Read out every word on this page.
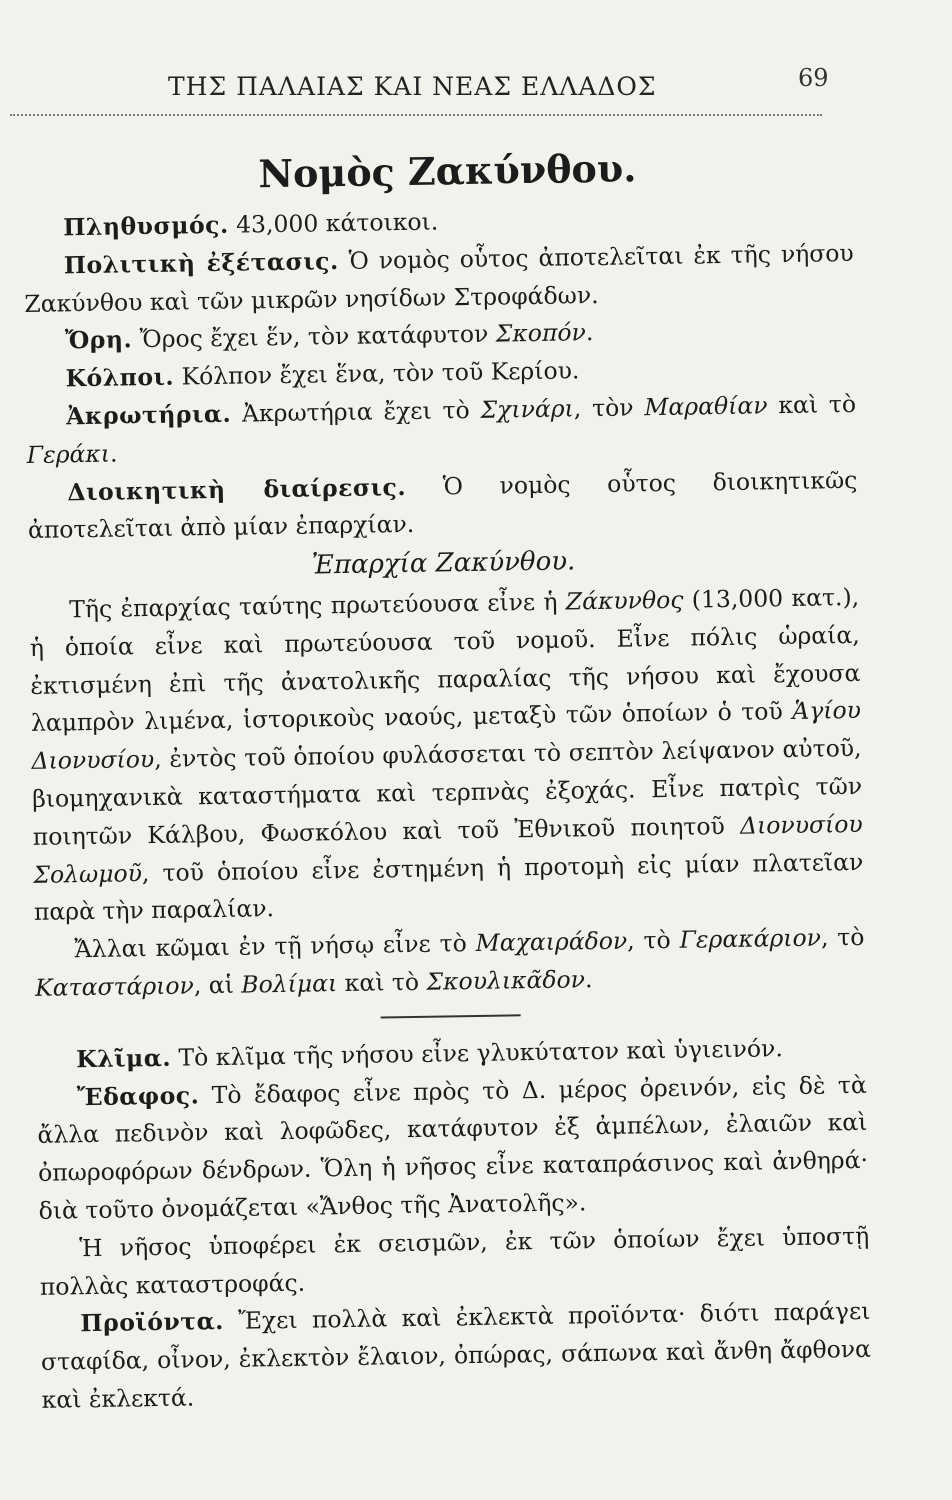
ΤΗΣ ΠΑΛΑΙΑΣ ΚΑΙ ΝΕΑΣ ΕΛΛΑΔΟΣ	69
Νομὸς Ζακύνθου.

Πληθυσμός. 43,000 κάτοικοι.

Πολιτικὴ ἐξέτασις. Ὁ νομὸς οὗτος ἀποτελεῖται ἐκ τῆς νήσου Ζακύνθου καὶ τῶν μικρῶν νησίδων Στροφάδων.

Ὄρη. Ὄρος ἔχει ἕν, τὸν κατάφυτον Σκοπόν.

Κόλποι. Κόλπον ἔχει ἕνα, τὸν τοῦ Κερίου.

Ἀκρωτήρια. Ἀκρωτήρια ἔχει τὸ Σχινάρι, τὸν Μαραθίαν καὶ τὸ Γεράκι.

Διοικητικὴ διαίρεσις. Ὁ νομὸς οὗτος διοικητικῶς ἀποτελεῖται ἀπὸ μίαν ἐπαρχίαν.

Ἐπαρχία Ζακύνθου.

Τῆς ἐπαρχίας ταύτης πρωτεύουσα εἶνε ἡ Ζάκυνθος (13,000 κατ.), ἡ ὁποία εἶνε καὶ πρωτεύουσα τοῦ νομοῦ. Εἶνε πόλις ὡραία, ἐκτισμένη ἐπὶ τῆς ἀνατολικῆς παραλίας τῆς νήσου καὶ ἔχουσα λαμπρὸν λιμένα, ἱστορικοὺς ναούς, μεταξὺ τῶν ὁποίων ὁ τοῦ Ἁγίου Διονυσίου, ἐντὸς τοῦ ὁποίου φυλάσσεται τὸ σεπτὸν λείψανον αὐτοῦ, βιομηχανικὰ καταστήματα καὶ τερπνὰς ἐξοχάς. Εἶνε πατρὶς τῶν ποιητῶν Κάλβου, Φωσκόλου καὶ τοῦ Ἐθνικοῦ ποιητοῦ Διονυσίου Σολωμοῦ, τοῦ ὁποίου εἶνε ἐστημένη ἡ προτομὴ εἰς μίαν πλατεῖαν παρὰ τὴν παραλίαν.

Ἄλλαι κῶμαι ἐν τῇ νήσῳ εἶνε τὸ Μαχαιράδον, τὸ Γερακάριον, τὸ Καταστάριον, αἱ Βολίμαι καὶ τὸ Σκουλικᾶδον.

Κλῖμα. Τὸ κλῖμα τῆς νήσου εἶνε γλυκύτατον καὶ ὑγιεινόν.

Ἔδαφος. Τὸ ἔδαφος εἶνε πρὸς τὸ Δ. μέρος ὀρεινόν, εἰς δὲ τὰ ἄλλα πεδινὸν καὶ λοφῶδες, κατάφυτον ἐξ ἀμπέλων, ἐλαιῶν καὶ ὀπωροφόρων δένδρων. Ὅλη ἡ νῆσος εἶνε καταπράσινος καὶ ἀνθηρά· διὰ τοῦτο ὀνομάζεται «Ἄνθος τῆς Ἀνατολῆς».

Ἡ νῆσος ὑποφέρει ἐκ σεισμῶν, ἐκ τῶν ὁποίων ἔχει ὑποστῇ πολλὰς καταστροφάς.

Προϊόντα. Ἔχει πολλὰ καὶ ἐκλεκτὰ προϊόντα· διότι παράγει σταφίδα, οἶνον, ἐκλεκτὸν ἔλαιον, ὀπώρας, σάπωνα καὶ ἄνθη ἄφθονα καὶ ἐκλεκτά.
